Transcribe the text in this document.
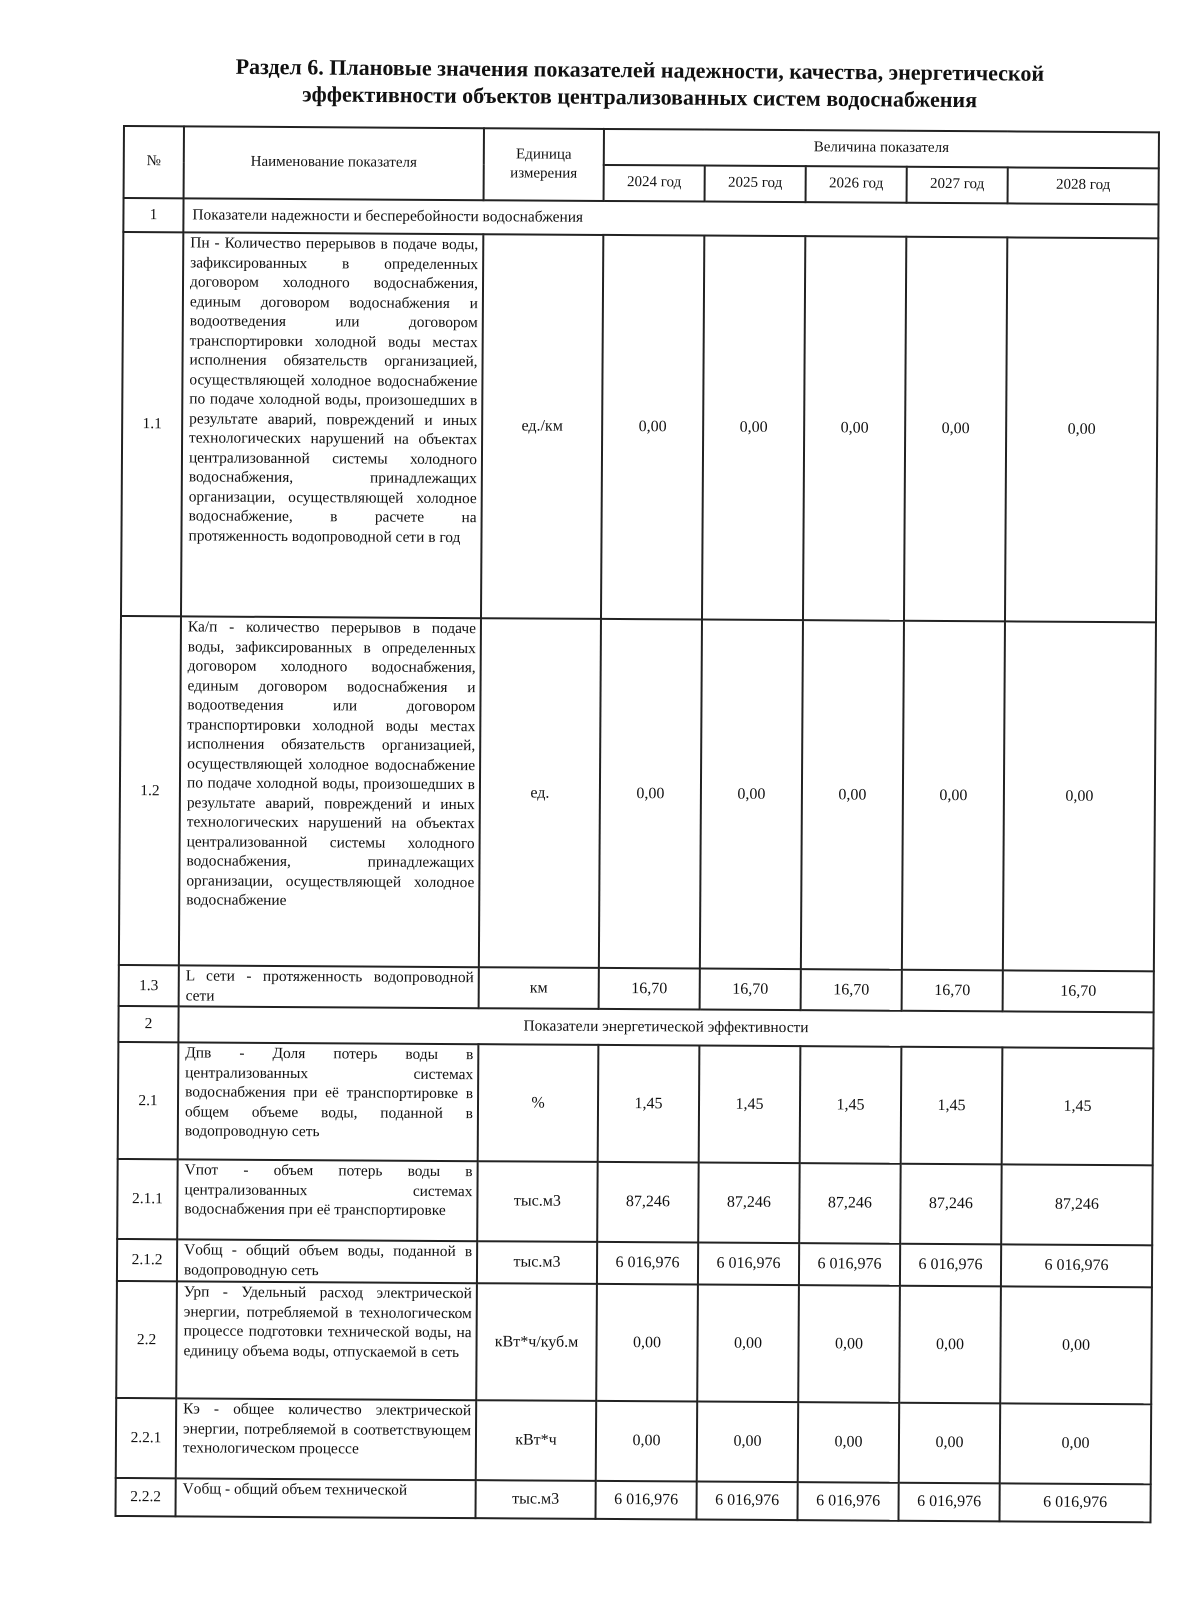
Раздел 6. Плановые значения показателей надежности, качества, энергетической
эффективности объектов централизованных систем водоснабжения
№	Наименование показателя	Единица измерения	Величина показателя				
			2024 год	2025 год	2026 год	2027 год	2028 год
1	Показатели надежности и бесперебойности водоснабжения						
1.1	Пн - Количество перерывов в подаче воды, зафиксированных в определенных договором холодного водоснабжения, единым договором водоснабжения и водоотведения или договором транспортировки холодной воды местах исполнения обязательств организацией, осуществляющей холодное водоснабжение по подаче холодной воды, произошедших в результате аварий, повреждений и иных технологических нарушений на объектах централизованной системы холодного водоснабжения, принадлежащих организации, осуществляющей холодное водоснабжение, в расчете на протяженность водопроводной сети в год	ед./км	0,00	0,00	0,00	0,00	0,00
1.2	Ка/п - количество перерывов в подаче воды, зафиксированных в определенных договором холодного водоснабжения, единым договором водоснабжения и водоотведения или договором транспортировки холодной воды местах исполнения обязательств организацией, осуществляющей холодное водоснабжение по подаче холодной воды, произошедших в результате аварий, повреждений и иных технологических нарушений на объектах централизованной системы холодного водоснабжения, принадлежащих организации, осуществляющей холодное водоснабжение	ед.	0,00	0,00	0,00	0,00	0,00
1.3	L сети - протяженность водопроводной сети	км	16,70	16,70	16,70	16,70	16,70
2	Показатели энергетической эффективности						
2.1	Дпв - Доля потерь воды в централизованных системах водоснабжения при её транспортировке в общем объеме воды, поданной в водопроводную сеть	%	1,45	1,45	1,45	1,45	1,45
2.1.1	Vпот - объем потерь воды в централизованных системах водоснабжения при её транспортировке	тыс.м3	87,246	87,246	87,246	87,246	87,246
2.1.2	Vобщ - общий объем воды, поданной в водопроводную сеть	тыс.м3	6 016,976	6 016,976	6 016,976	6 016,976	6 016,976
2.2	Урп - Удельный расход электрической энергии, потребляемой в технологическом процессе подготовки технической воды, на единицу объема воды, отпускаемой в сеть	кВт*ч/куб.м	0,00	0,00	0,00	0,00	0,00
2.2.1	Кэ - общее количество электрической энергии, потребляемой в соответствующем технологическом процессе	кВт*ч	0,00	0,00	0,00	0,00	0,00
2.2.2	Vобщ - общий объем технической	тыс.м3	6 016,976	6 016,976	6 016,976	6 016,976	6 016,976
